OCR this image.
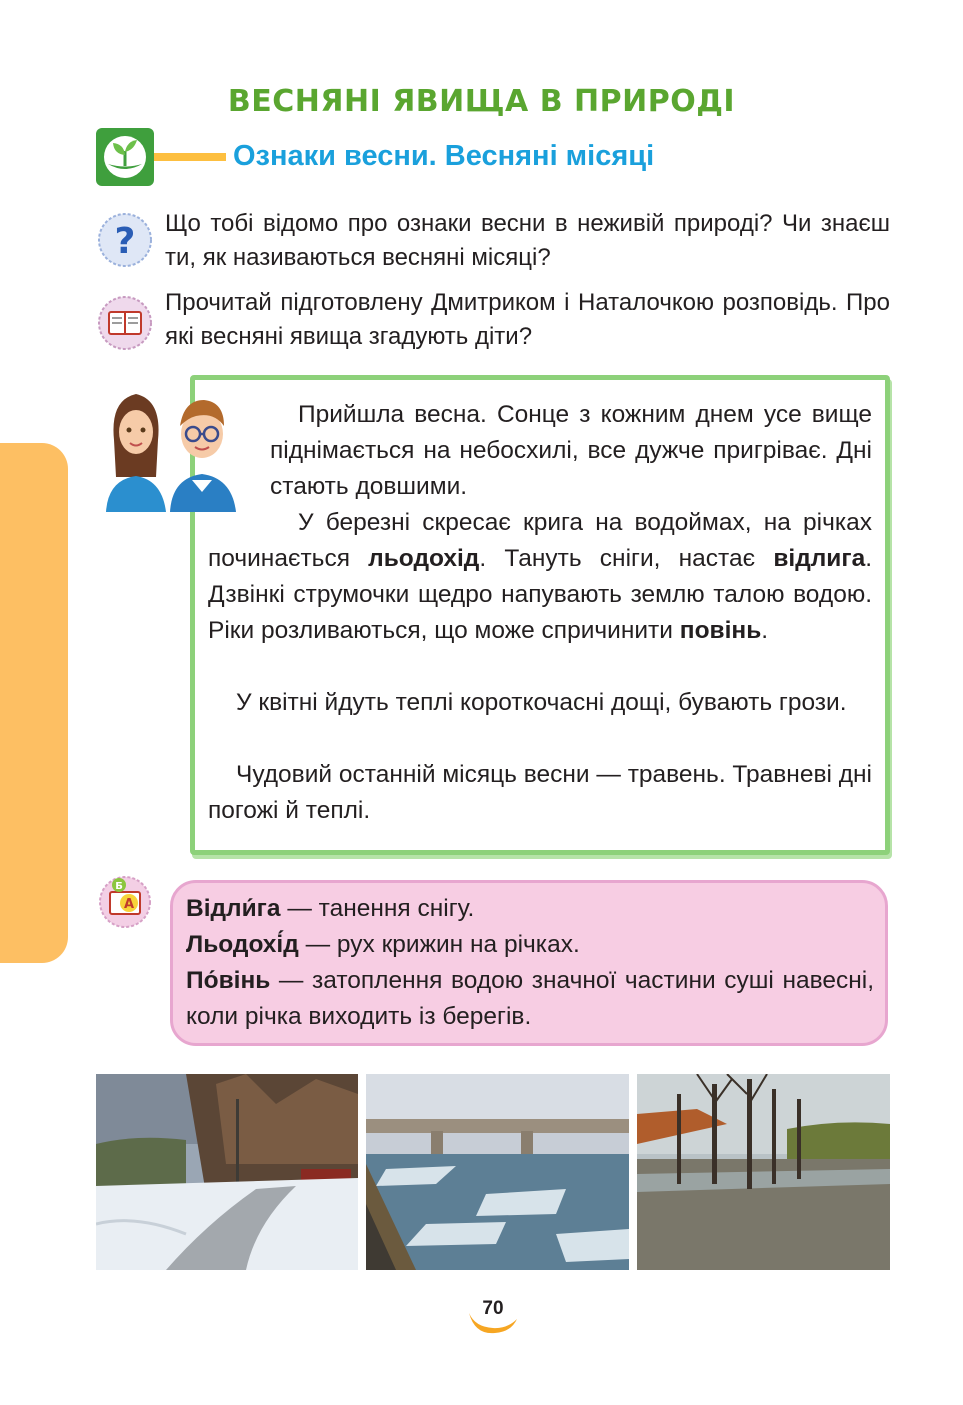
ВЕСНЯНІ ЯВИЩА В ПРИРОДІ
Ознаки весни. Весняні місяці
? Що тобі відомо про ознаки весни в неживій природі? Чи знаєш ти, як називаються весняні місяці?

Прочитай підготовлену Дмитриком і Наталочкою розповідь. Про які весняні явища згадують діти?

Прийшла весна. Сонце з кожним днем усе вище піднімається на небосхилі, все дужче пригріває. Дні стають довшими.

У березні скресає крига на водоймах, на річках починається льодохід. Тануть сніги, настає відлига. Дзвінкі струмочки щедро напувають землю талою водою. Ріки розливаються, що може спричинити повінь.

У квітні йдуть теплі короткочасні дощі, бувають грози.

Чудовий останній місяць весни — травень. Травневі дні погожі й теплі.

Б
А Відли́га — танення снігу.

Льодохі́д — рух крижин на річках.

По́вінь — затоплення водою значної частини суші навесні, коли річка виходить із берегів.

70
